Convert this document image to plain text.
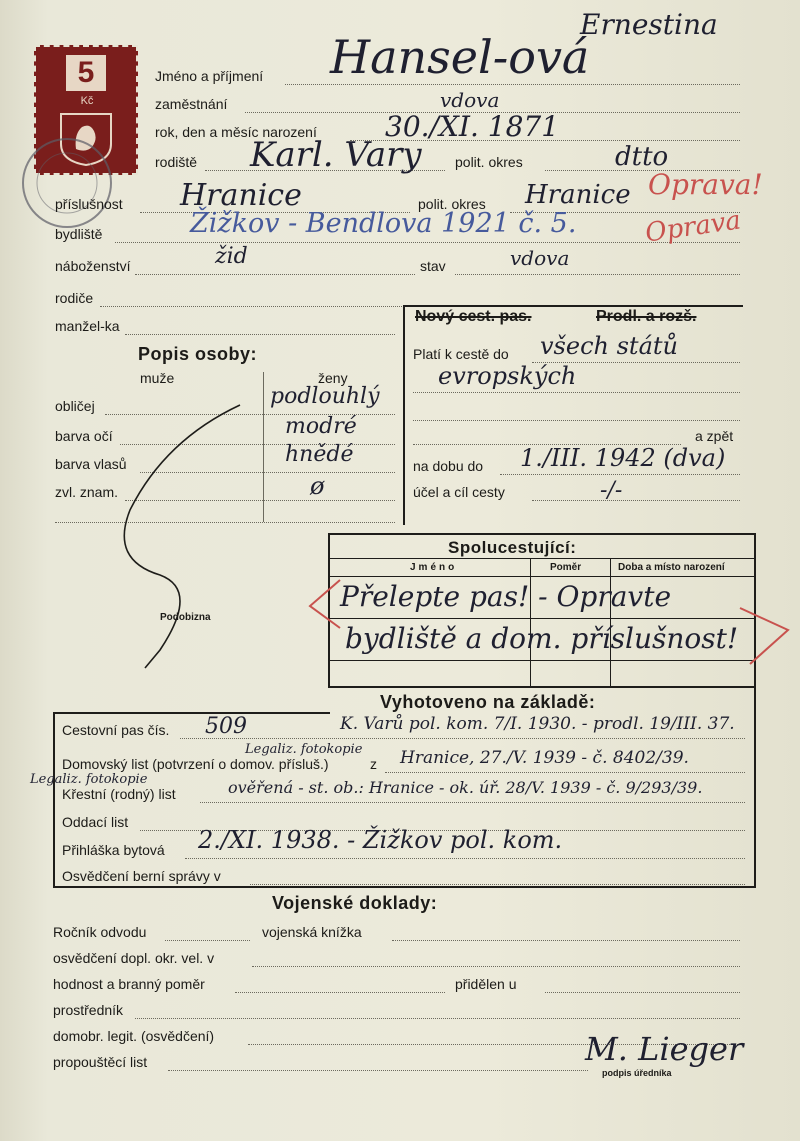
5
Kč
Ernestina
Jméno a příjmení Hansel-ová
zaměstnání	vdova
rok, den a měsíc narození 30./XI. 1871
rodiště Karl. Vary polit. okres	dtto
příslušnost Hranice	polit. okres Hranice Oprava!
bydliště	Žižkov - Bendlova 1921 č. 5.	Oprava
náboženství	žid	stav	vdova
rodiče
manžel-ka
Nový cest. pas.	Prodl. a rozš.
Platí k cestě do všech států
evropských
a zpět
na dobu do 1./III. 1942 (dva)
účel a cíl cesty	-/-
Popis osoby:
muže	ženy
obličej	podlouhlý
barva očí	modré
barva vlasů	hnědé
zvl. znam.	ø
Podobizna
Spolucestující:
Jméno	Poměr	Doba a místo narození
Přelepte pas! - Opravte
bydliště a dom. příslušnost!
Vyhotoveno na základě:
Cestovní pas čís. 509	K. Varů pol. kom. 7/I. 1930. - prodl. 19/III. 37.
Legaliz. fotokopie
Domovský list (potvrzení o domov. přísluš.)	z Hranice, 27./V. 1939 - č. 8402/39.
Legaliz. fotokopie
Křestní (rodný) list	ověřená - st. ob.: Hranice - ok. úř. 28/V. 1939 - č. 9/293/39.
Oddací list
Přihláška bytová 2./XI. 1938. - Žižkov pol. kom.
Osvědčení berní správy v
Vojenské doklady:
Ročník odvodu	vojenská knížka
osvědčení dopl. okr. vel. v
hodnost a branný poměr	přidělen u
prostředník
domobr. legit. (osvědčení)
propouštěcí list	M. Lieger
podpis úředníka
